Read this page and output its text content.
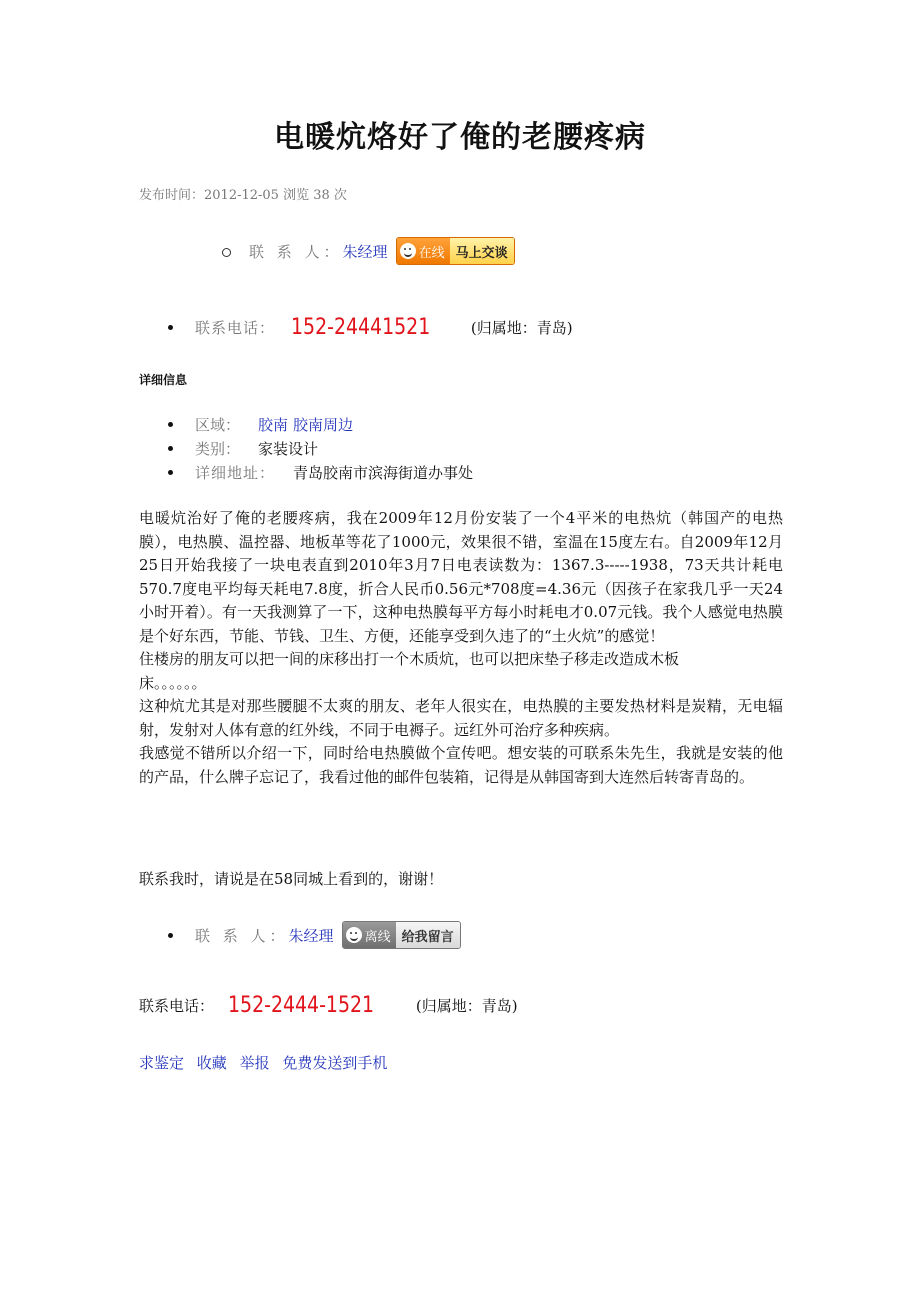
电暖炕烙好了俺的老腰疼病
发布时间：2012-12-05 浏览 38 次
联 系 人： 朱经理 在线 马上交谈
联系电话： 152-24441521	(归属地：青岛)
详细信息
区域： 胶南 胶南周边
类别： 家装设计
详细地址： 青岛胶南市滨海街道办事处

电暖炕治好了俺的老腰疼病，我在2009年12月份安装了一个4平米的电热炕（韩国产的电热膜），电热膜、温控器、地板革等花了1000元，效果很不错，室温在15度左右。自2009年12月25日开始我接了一块电表直到2010年3月7日电表读数为：1367.3-----1938，73天共计耗电570.7度电平均每天耗电7.8度，折合人民币0.56元*708度=4.36元（因孩子在家我几乎一天24小时开着）。有一天我测算了一下，这种电热膜每平方每小时耗电才0.07元钱。我个人感觉电热膜是个好东西，节能、节钱、卫生、方便，还能享受到久违了的“土火炕”的感觉！

住楼房的朋友可以把一间的床移出打一个木质炕，也可以把床垫子移走改造成木板

床。。。。。。

这种炕尤其是对那些腰腿不太爽的朋友、老年人很实在，电热膜的主要发热材料是炭精，无电辐射，发射对人体有意的红外线，不同于电褥子。远红外可治疗多种疾病。

我感觉不错所以介绍一下，同时给电热膜做个宣传吧。想安装的可联系朱先生，我就是安装的他的产品，什么牌子忘记了，我看过他的邮件包装箱，记得是从韩国寄到大连然后转寄青岛的。

联系我时，请说是在58同城上看到的，谢谢！
联 系 人： 朱经理 离线 给我留言
联系电话： 152-2444-1521	(归属地：青岛)
求鉴定 收藏 举报 免费发送到手机
